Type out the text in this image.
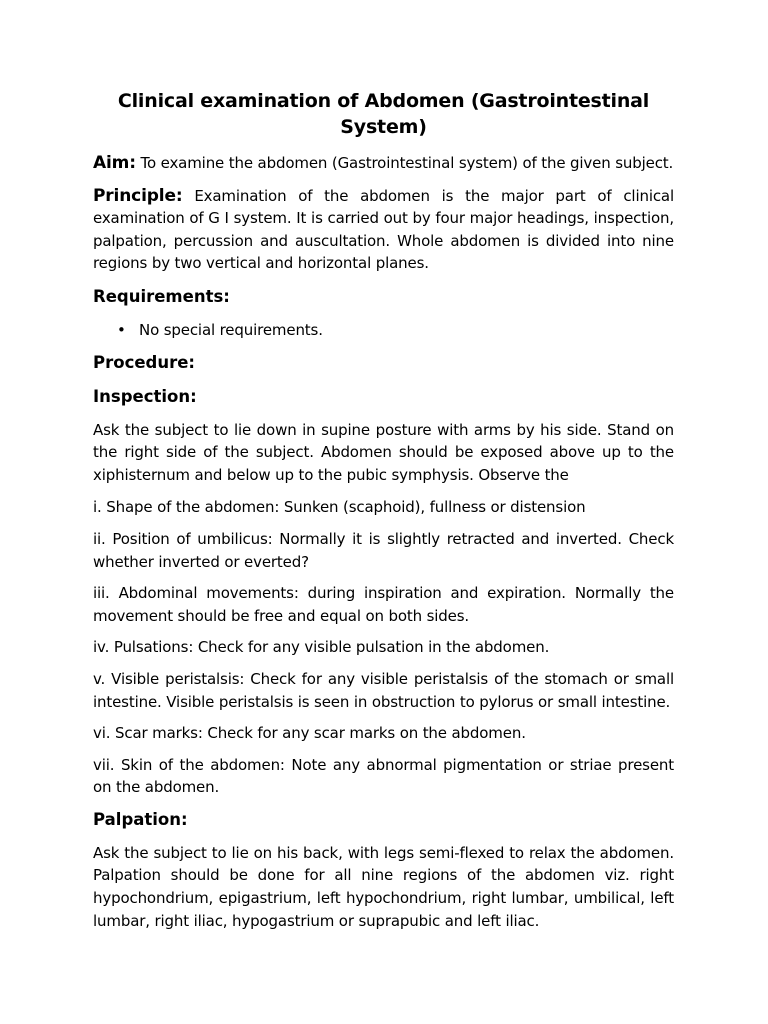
Clinical examination of Abdomen (Gastrointestinal System)

Aim: To examine the abdomen (Gastrointestinal system) of the given subject.

Principle: Examination of the abdomen is the major part of clinical examination of G I system. It is carried out by four major headings, inspection, palpation, percussion and auscultation. Whole abdomen is divided into nine regions by two vertical and horizontal planes.

Requirements:
• No special requirements.
Procedure:
Inspection:

Ask the subject to lie down in supine posture with arms by his side. Stand on the right side of the subject. Abdomen should be exposed above up to the xiphisternum and below up to the pubic symphysis. Observe the

i. Shape of the abdomen: Sunken (scaphoid), fullness or distension

ii. Position of umbilicus: Normally it is slightly retracted and inverted. Check whether inverted or everted?

iii. Abdominal movements: during inspiration and expiration. Normally the movement should be free and equal on both sides.

iv. Pulsations: Check for any visible pulsation in the abdomen.

v. Visible peristalsis: Check for any visible peristalsis of the stomach or small intestine. Visible peristalsis is seen in obstruction to pylorus or small intestine.

vi. Scar marks: Check for any scar marks on the abdomen.

vii. Skin of the abdomen: Note any abnormal pigmentation or striae present on the abdomen.

Palpation:

Ask the subject to lie on his back, with legs semi-flexed to relax the abdomen. Palpation should be done for all nine regions of the abdomen viz. right hypochondrium, epigastrium, left hypochondrium, right lumbar, umbilical, left lumbar, right iliac, hypogastrium or suprapubic and left iliac.
